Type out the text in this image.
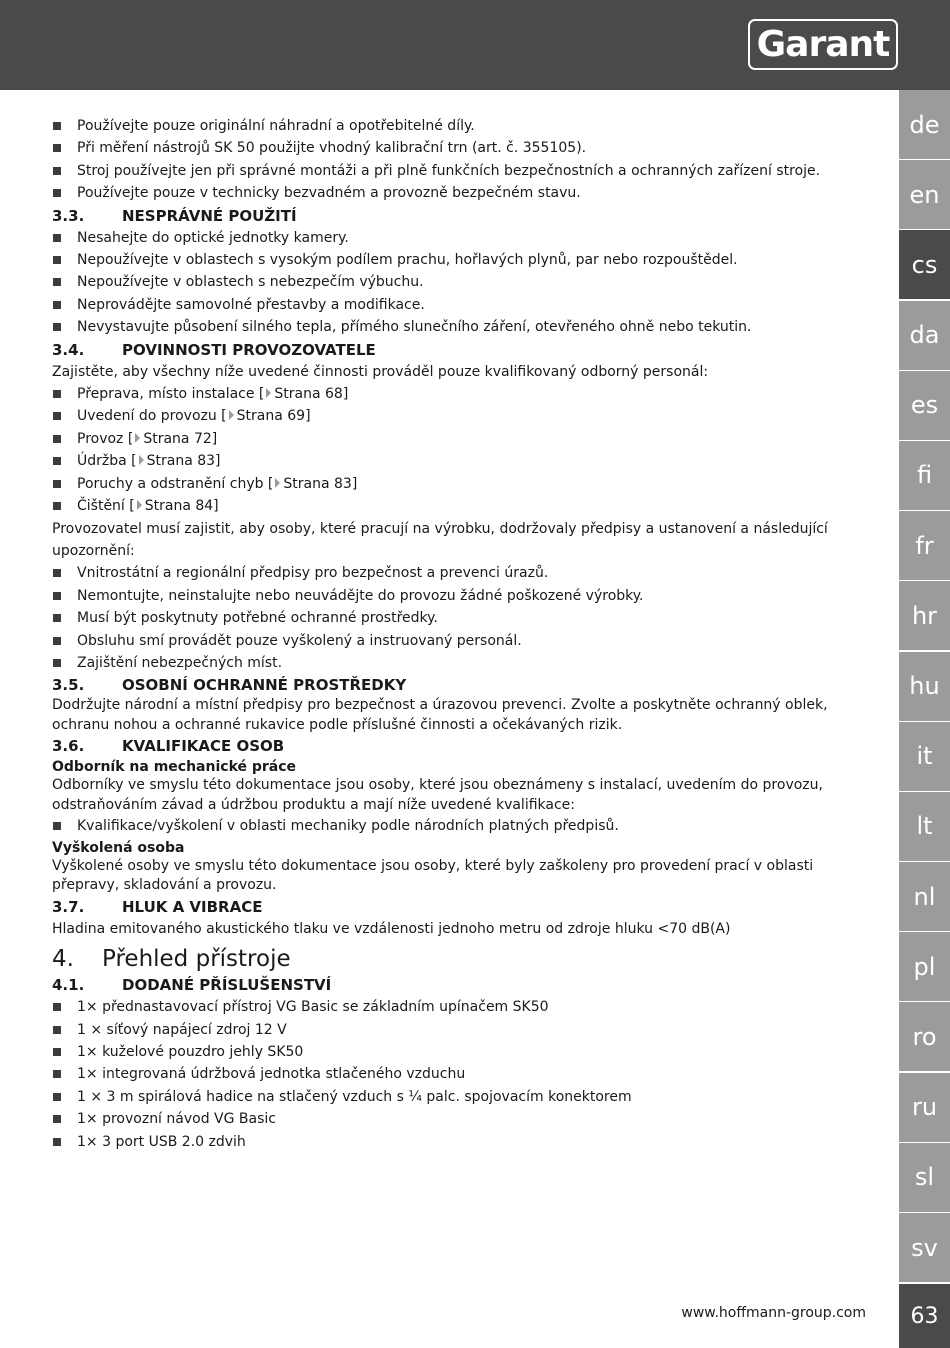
Garant
de
en
cs
da
es
fi
fr
hr
hu
it
lt
nl
pl
ro
ru
sl
sv
63
www.hoffmann-group.com
Používejte pouze originální náhradní a opotřebitelné díly.
Při měření nástrojů SK 50 použijte vhodný kalibrační trn (art. č. 355105).
Stroj používejte jen při správné montáži a při plně funkčních bezpečnostních a ochranných zařízení stroje.
Používejte pouze v technicky bezvadném a provozně bezpečném stavu.
3.3.	NESPRÁVNÉ POUŽITÍ
Nesahejte do optické jednotky kamery.
Nepoužívejte v oblastech s vysokým podílem prachu, hořlavých plynů, par nebo rozpouštědel.
Nepoužívejte v oblastech s nebezpečím výbuchu.
Neprovádějte samovolné přestavby a modifikace.
Nevystavujte působení silného tepla, přímého slunečního záření, otevřeného ohně nebo tekutin.
3.4.	POVINNOSTI PROVOZOVATELE
Zajistěte, aby všechny níže uvedené činnosti prováděl pouze kvalifikovaný odborný personál:
Přeprava, místo instalace [ Strana 68]
Uvedení do provozu [ Strana 69]
Provoz [ Strana 72]
Údržba [ Strana 83]
Poruchy a odstranění chyb [ Strana 83]
Čištění [ Strana 84]
Provozovatel musí zajistit, aby osoby, které pracují na výrobku, dodržovaly předpisy a ustanovení a následující upozornění:
Vnitrostátní a regionální předpisy pro bezpečnost a prevenci úrazů.
Nemontujte, neinstalujte nebo neuvádějte do provozu žádné poškozené výrobky.
Musí být poskytnuty potřebné ochranné prostředky.
Obsluhu smí provádět pouze vyškolený a instruovaný personál.
Zajištění nebezpečných míst.
3.5.	OSOBNÍ OCHRANNÉ PROSTŘEDKY
Dodržujte národní a místní předpisy pro bezpečnost a úrazovou prevenci. Zvolte a poskytněte ochranný oblek, ochranu nohou a ochranné rukavice podle příslušné činnosti a očekávaných rizik.
3.6.	KVALIFIKACE OSOB
Odborník na mechanické práce
Odborníky ve smyslu této dokumentace jsou osoby, které jsou obeznámeny s instalací, uvedením do provozu, odstraňováním závad a údržbou produktu a mají níže uvedené kvalifikace:
Kvalifikace/vyškolení v oblasti mechaniky podle národních platných předpisů.
Vyškolená osoba
Vyškolené osoby ve smyslu této dokumentace jsou osoby, které byly zaškoleny pro provedení prací v oblasti přepravy, skladování a provozu.
3.7.	HLUK A VIBRACE
Hladina emitovaného akustického tlaku ve vzdálenosti jednoho metru od zdroje hluku <70 dB(A)
4.	Přehled přístroje
4.1.	DODANÉ PŘÍSLUŠENSTVÍ
1× přednastavovací přístroj VG Basic se základním upínačem SK50
1 × síťový napájecí zdroj 12 V
1× kuželové pouzdro jehly SK50
1× integrovaná údržbová jednotka stlačeného vzduchu
1 × 3 m spirálová hadice na stlačený vzduch s ¼ palc. spojovacím konektorem
1× provozní návod VG Basic
1× 3 port USB 2.0 zdvih
